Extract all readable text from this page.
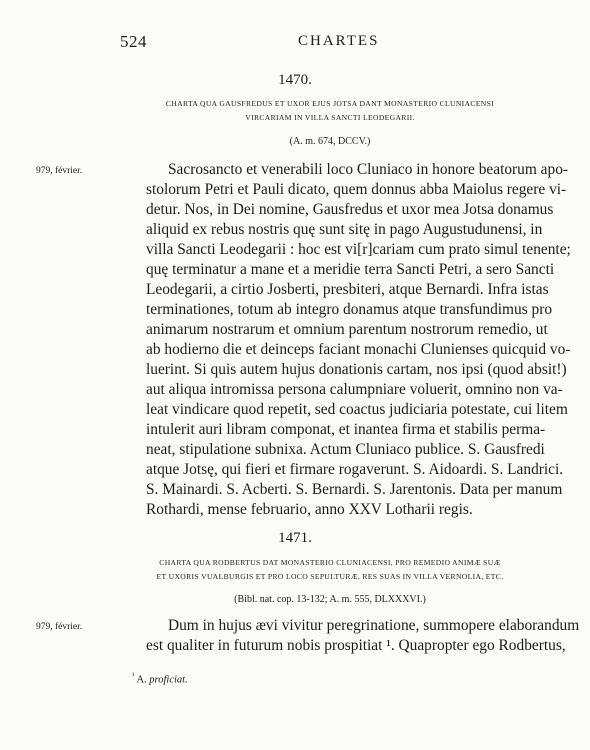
524	CHARTES
1470.
CHARTA QUA GAUSFREDUS ET UXOR EJUS JOTSA DANT MONASTERIO CLUNIACENSI
VIRCARIAM IN VILLA SANCTI LEODEGARII.
(A. m. 674, DCCV.)
979, février.	Sacrosancto et venerabili loco Cluniaco in honore beatorum apo-
stolorum Petri et Pauli dicato, quem donnus abba Maiolus regere vi-
detur. Nos, in Dei nomine, Gausfredus et uxor mea Jotsa donamus
aliquid ex rebus nostris quę sunt sitę in pago Augustudunensi, in
villa Sancti Leodegarii : hoc est vi[r]cariam cum prato simul tenente;
quę terminatur a mane et a meridie terra Sancti Petri, a sero Sancti
Leodegarii, a cirtio Josberti, presbiteri, atque Bernardi. Infra istas
terminationes, totum ab integro donamus atque transfundimus pro
animarum nostrarum et omnium parentum nostrorum remedio, ut
ab hodierno die et deinceps faciant monachi Clunienses quicquid vo-
luerint. Si quis autem hujus donationis cartam, nos ipsi (quod absit!)
aut aliqua intromissa persona calumpniare voluerit, omnino non va-
leat vindicare quod repetit, sed coactus judiciaria potestate, cui litem
intulerit auri libram componat, et inantea firma et stabilis perma-
neat, stipulatione subnixa. Actum Cluniaco publice. S. Gausfredi
atque Jotsę, qui fieri et firmare rogaverunt. S. Aidoardi. S. Landrici.
S. Mainardi. S. Acberti. S. Bernardi. S. Jarentonis. Data per manum
Rothardi, mense februario, anno XXV Lotharii regis.
1471.
CHARTA QUA RODBERTUS DAT MONASTERIO CLUNIACENSI, PRO REMEDIO ANIMÆ SUÆ
ET UXORIS VUALBURGIS ET PRO LOCO SEPULTURÆ, RES SUAS IN VILLA VERNOLIA, ETC.
(Bibl. nat. cop. 13-132; A. m. 555, DLXXXVI.)
979, février.	Dum in hujus ævi vivitur peregrinatione, summopere elaborandum
est qualiter in futurum nobis prospitiat ¹. Quapropter ego Rodbertus,
$^{^1}$ A. proficiat.
